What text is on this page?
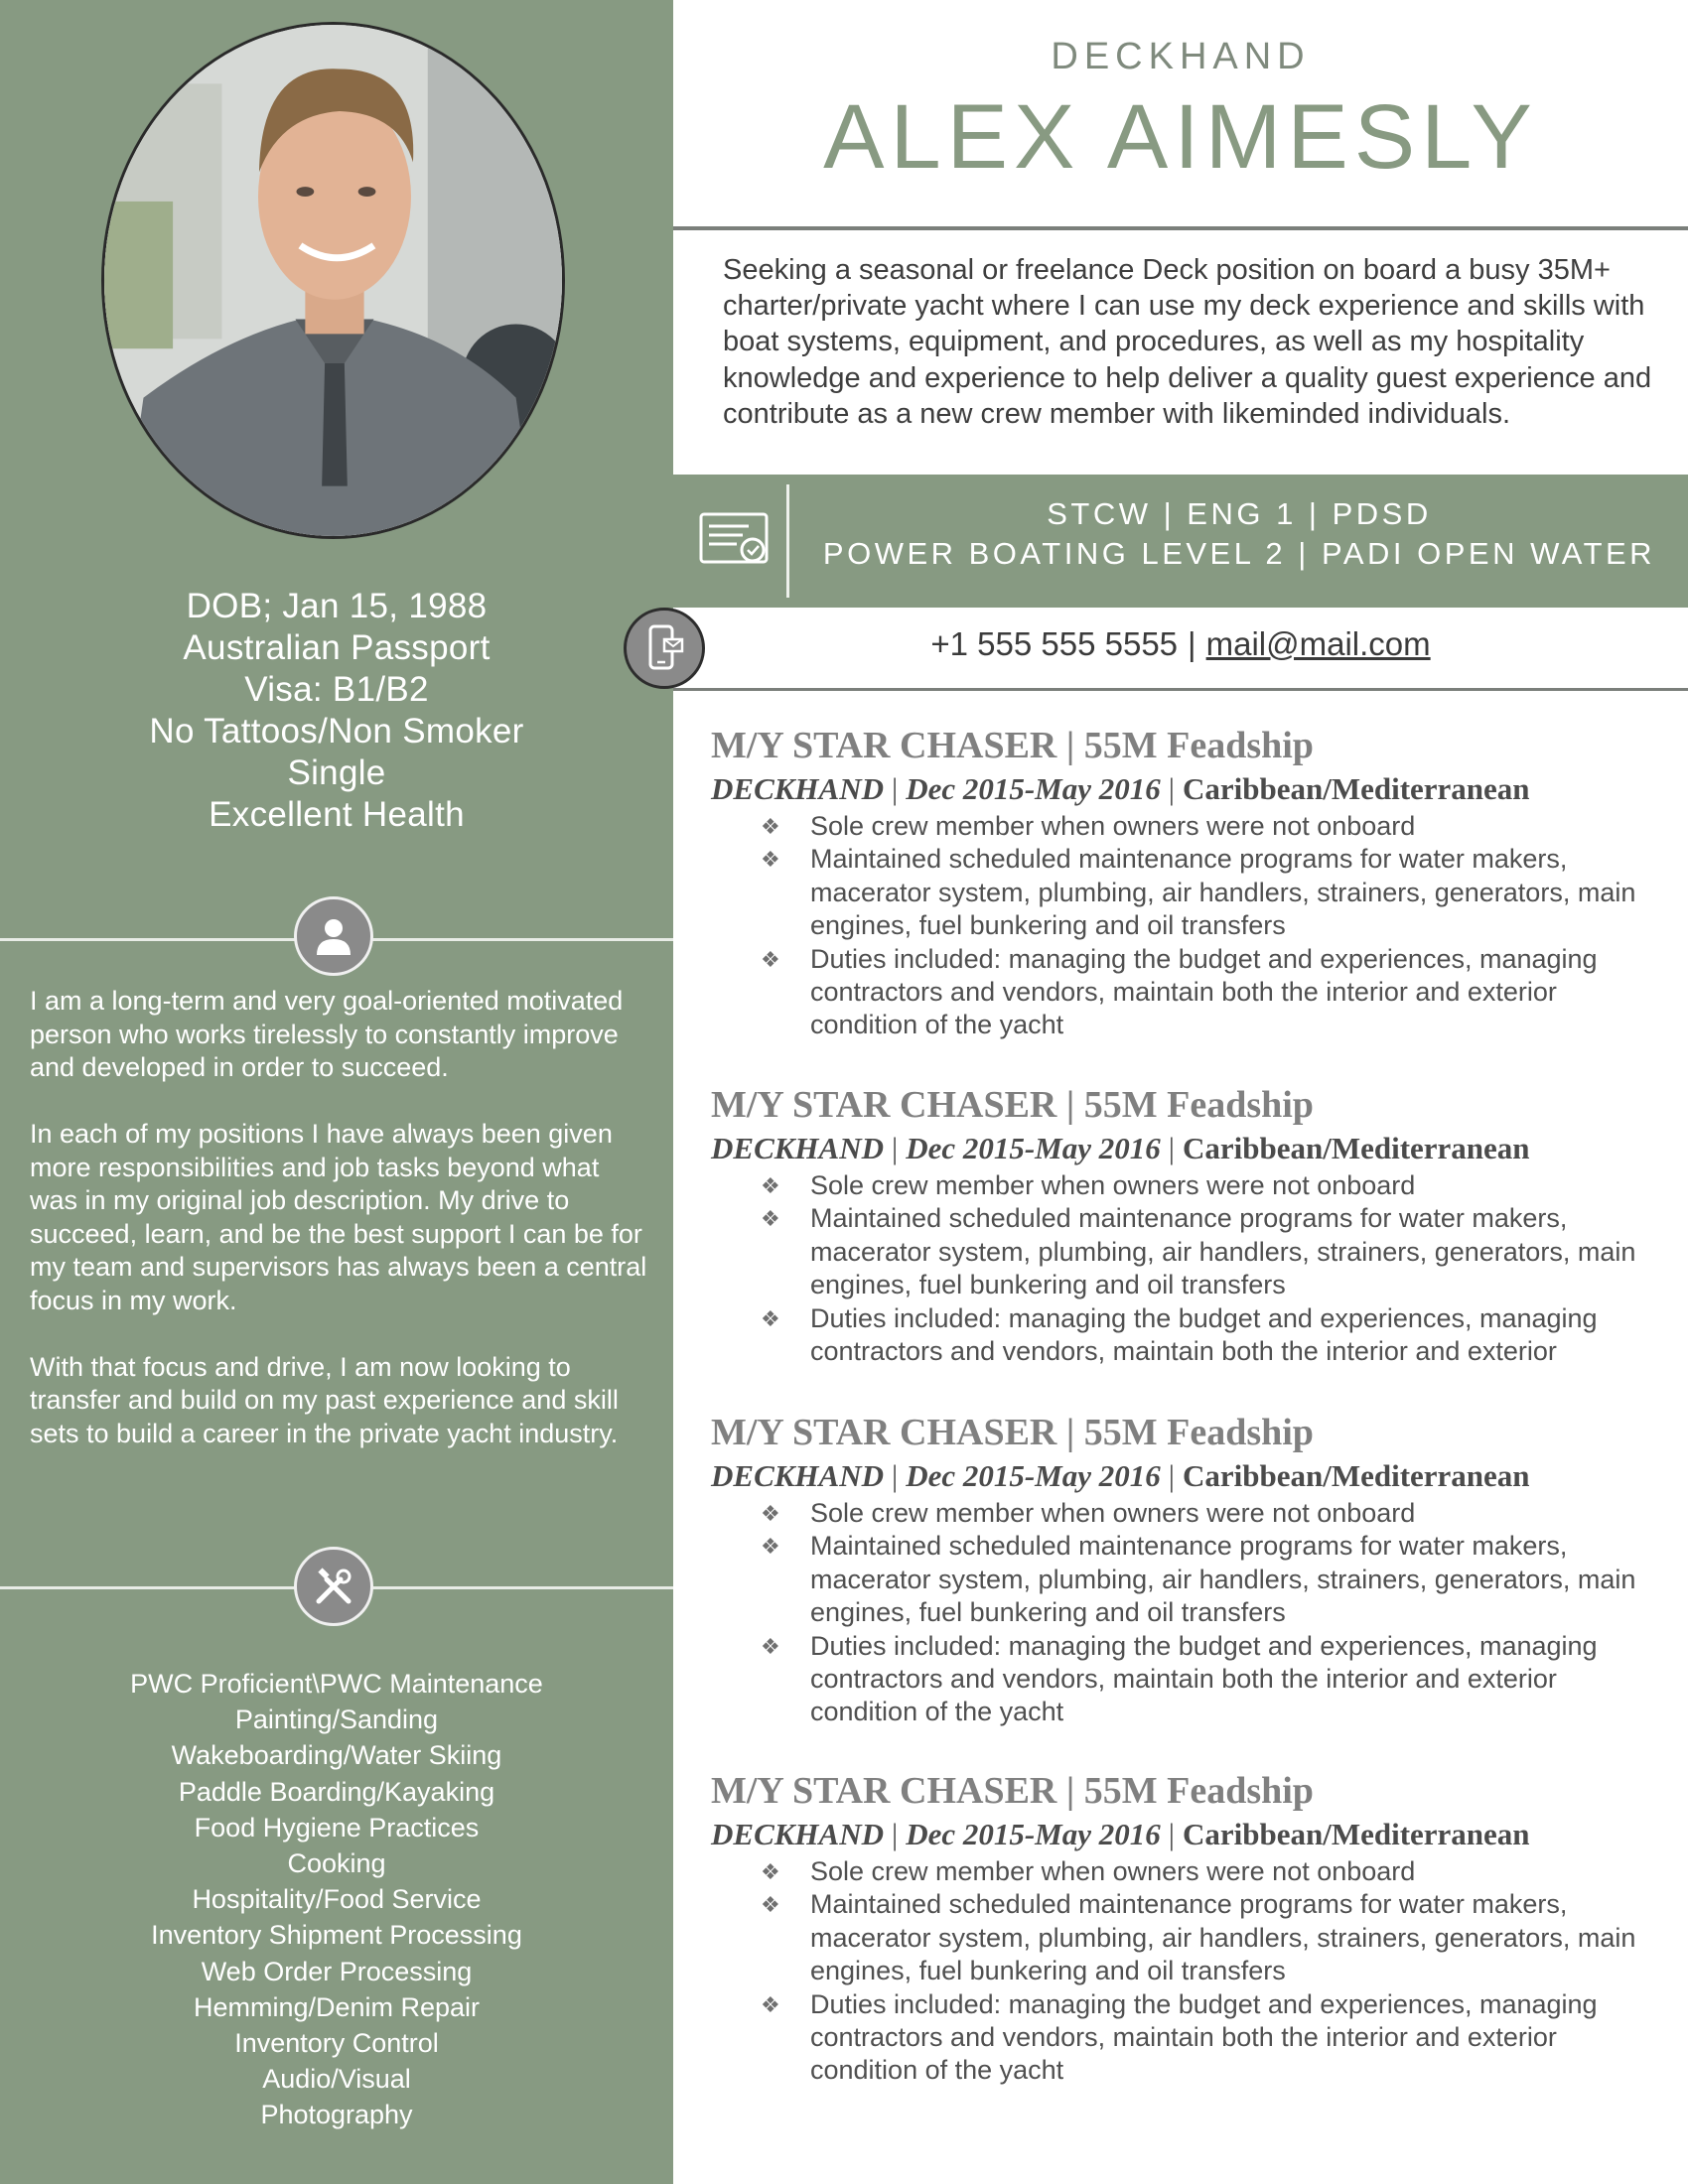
DOB; Jan 15, 1988
Australian Passport
Visa: B1/B2
No Tattoos/Non Smoker
Single
Excellent Health

I am a long-term and very goal-oriented motivated person who works tirelessly to constantly improve and developed in order to succeed.

In each of my positions I have always been given more responsibilities and job tasks beyond what was in my original job description. My drive to succeed, learn, and be the best support I can be for my team and supervisors has always been a central focus in my work.

With that focus and drive, I am now looking to transfer and build on my past experience and skill sets to build a career in the private yacht industry.

PWC Proficient\PWC Maintenance
Painting/Sanding
Wakeboarding/Water Skiing
Paddle Boarding/Kayaking
Food Hygiene Practices
Cooking
Hospitality/Food Service
Inventory Shipment Processing
Web Order Processing
Hemming/Denim Repair
Inventory Control
Audio/Visual
Photography
DECKHAND
ALEX AIMESLY
Seeking a seasonal or freelance Deck position on board a busy 35M+ charter/private yacht where I can use my deck experience and skills with boat systems, equipment, and procedures, as well as my hospitality knowledge and experience to help deliver a quality guest experience and contribute as a new crew member with likeminded individuals.
STCW | ENG 1 | PDSD
POWER BOATING LEVEL 2 | PADI OPEN WATER
+1 555 555 5555 | mail@mail.com
M/Y STAR CHASER | 55M Feadship
DECKHAND | Dec 2015-May 2016 | Caribbean/Mediterranean
❖ Sole crew member when owners were not onboard
❖ Maintained scheduled maintenance programs for water makers, macerator system, plumbing, air handlers, strainers, generators, main engines, fuel bunkering and oil transfers
❖ Duties included: managing the budget and experiences, managing contractors and vendors, maintain both the interior and exterior condition of the yacht
M/Y STAR CHASER | 55M Feadship
DECKHAND | Dec 2015-May 2016 | Caribbean/Mediterranean
❖ Sole crew member when owners were not onboard
❖ Maintained scheduled maintenance programs for water makers, macerator system, plumbing, air handlers, strainers, generators, main engines, fuel bunkering and oil transfers
❖ Duties included: managing the budget and experiences, managing contractors and vendors, maintain both the interior and exterior
M/Y STAR CHASER | 55M Feadship
DECKHAND | Dec 2015-May 2016 | Caribbean/Mediterranean
❖ Sole crew member when owners were not onboard
❖ Maintained scheduled maintenance programs for water makers, macerator system, plumbing, air handlers, strainers, generators, main engines, fuel bunkering and oil transfers
❖ Duties included: managing the budget and experiences, managing contractors and vendors, maintain both the interior and exterior condition of the yacht
M/Y STAR CHASER | 55M Feadship
DECKHAND | Dec 2015-May 2016 | Caribbean/Mediterranean
❖ Sole crew member when owners were not onboard
❖ Maintained scheduled maintenance programs for water makers, macerator system, plumbing, air handlers, strainers, generators, main engines, fuel bunkering and oil transfers
❖ Duties included: managing the budget and experiences, managing contractors and vendors, maintain both the interior and exterior condition of the yacht
